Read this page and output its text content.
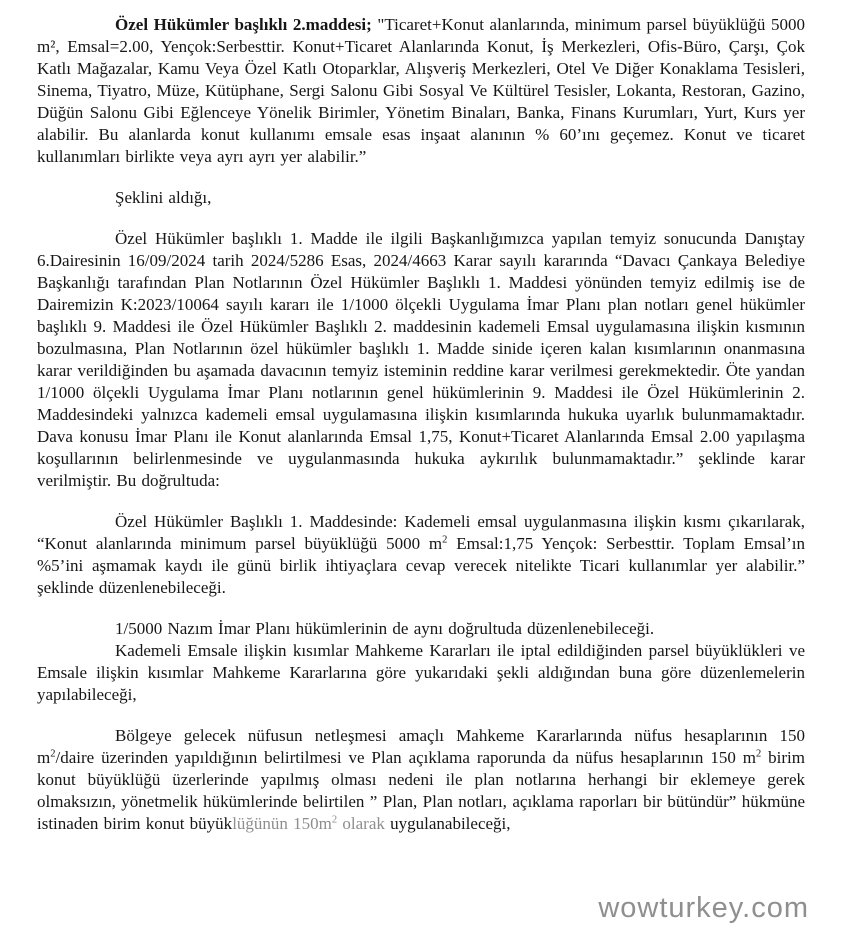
Özel Hükümler başlıklı 2.maddesi; "Ticaret+Konut alanlarında, minimum parsel büyüklüğü 5000 m², Emsal=2.00, Yençok:Serbesttir. Konut+Ticaret Alanlarında Konut, İş Merkezleri, Ofis-Büro, Çarşı, Çok Katlı Mağazalar, Kamu Veya Özel Katlı Otoparklar, Alışveriş Merkezleri, Otel Ve Diğer Konaklama Tesisleri, Sinema, Tiyatro, Müze, Kütüphane, Sergi Salonu Gibi Sosyal Ve Kültürel Tesisler, Lokanta, Restoran, Gazino, Düğün Salonu Gibi Eğlenceye Yönelik Birimler, Yönetim Binaları, Banka, Finans Kurumları, Yurt, Kurs yer alabilir. Bu alanlarda konut kullanımı emsale esas inşaat alanının % 60’ını geçemez. Konut ve ticaret kullanımları birlikte veya ayrı ayrı yer alabilir.”

Şeklini aldığı,

Özel Hükümler başlıklı 1. Madde ile ilgili Başkanlığımızca yapılan temyiz sonucunda Danıştay 6.Dairesinin 16/09/2024 tarih 2024/5286 Esas, 2024/4663 Karar sayılı kararında “Davacı Çankaya Belediye Başkanlığı tarafından Plan Notlarının Özel Hükümler Başlıklı 1. Maddesi yönünden temyiz edilmiş ise de Dairemizin K:2023/10064 sayılı kararı ile 1/1000 ölçekli Uygulama İmar Planı plan notları genel hükümler başlıklı 9. Maddesi ile Özel Hükümler Başlıklı 2. maddesinin kademeli Emsal uygulamasına ilişkin kısmının bozulmasına, Plan Notlarının özel hükümler başlıklı 1. Madde sinide içeren kalan kısımlarının onanmasına karar verildiğinden bu aşamada davacının temyiz isteminin reddine karar verilmesi gerekmektedir. Öte yandan 1/1000 ölçekli Uygulama İmar Planı notlarının genel hükümlerinin 9. Maddesi ile Özel Hükümlerinin 2. Maddesindeki yalnızca kademeli emsal uygulamasına ilişkin kısımlarında hukuka uyarlık bulunmamaktadır. Dava konusu İmar Planı ile Konut alanlarında Emsal 1,75, Konut+Ticaret Alanlarında Emsal 2.00 yapılaşma koşullarının belirlenmesinde ve uygulanmasında hukuka aykırılık bulunmamaktadır.” şeklinde karar verilmiştir. Bu doğrultuda:

Özel Hükümler Başlıklı 1. Maddesinde: Kademeli emsal uygulanmasına ilişkin kısmı çıkarılarak, “Konut alanlarında minimum parsel büyüklüğü 5000 $m^2$ Emsal:1,75 Yençok: Serbesttir. Toplam Emsal’ın %5’ini aşmamak kaydı ile günü birlik ihtiyaçlara cevap verecek nitelikte Ticari kullanımlar yer alabilir.” şeklinde düzenlenebileceği.

1/5000 Nazım İmar Planı hükümlerinin de aynı doğrultuda düzenlenebileceği.

Kademeli Emsale ilişkin kısımlar Mahkeme Kararları ile iptal edildiğinden parsel büyüklükleri ve Emsale ilişkin kısımlar Mahkeme Kararlarına göre yukarıdaki şekli aldığından buna göre düzenlemelerin yapılabileceği,

Bölgeye gelecek nüfusun netleşmesi amaçlı Mahkeme Kararlarında nüfus hesaplarının 150 $m^2$/daire üzerinden yapıldığının belirtilmesi ve Plan açıklama raporunda da nüfus hesaplarının 150 $m^2$ birim konut büyüklüğü üzerlerinde yapılmış olması nedeni ile plan notlarına herhangi bir eklemeye gerek olmaksızın, yönetmelik hükümlerinde belirtilen ” Plan, Plan notları, açıklama raporları bir bütündür” hükmüne istinaden birim konut büyüklüğünün $150m^2$ olarak uygulanabileceği,

wowturkey.com
